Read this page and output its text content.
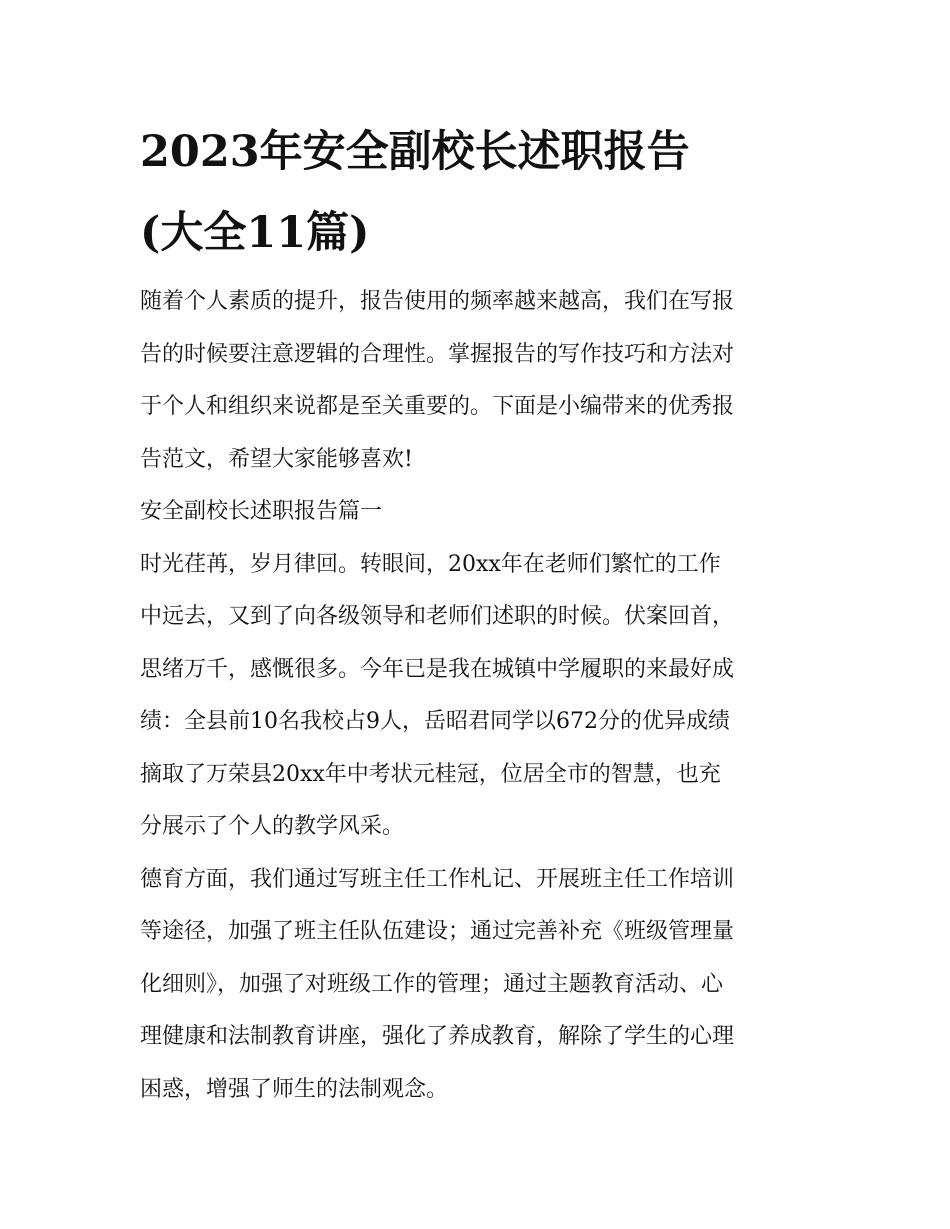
2023年安全副校长述职报告
(大全11篇)
随着个人素质的提升，报告使用的频率越来越高，我们在写报
告的时候要注意逻辑的合理性。掌握报告的写作技巧和方法对
于个人和组织来说都是至关重要的。下面是小编带来的优秀报
告范文，希望大家能够喜欢!
安全副校长述职报告篇一
时光荏苒，岁月律回。转眼间，20xx年在老师们繁忙的工作
中远去，又到了向各级领导和老师们述职的时候。伏案回首，
思绪万千，感慨很多。今年已是我在城镇中学履职的来最好成
绩：全县前10名我校占9人，岳昭君同学以672分的优异成绩
摘取了万荣县20xx年中考状元桂冠，位居全市的智慧，也充
分展示了个人的教学风采。
德育方面，我们通过写班主任工作札记、开展班主任工作培训
等途径，加强了班主任队伍建设；通过完善补充《班级管理量
化细则》，加强了对班级工作的管理；通过主题教育活动、心
理健康和法制教育讲座，强化了养成教育，解除了学生的心理
困惑，增强了师生的法制观念。
